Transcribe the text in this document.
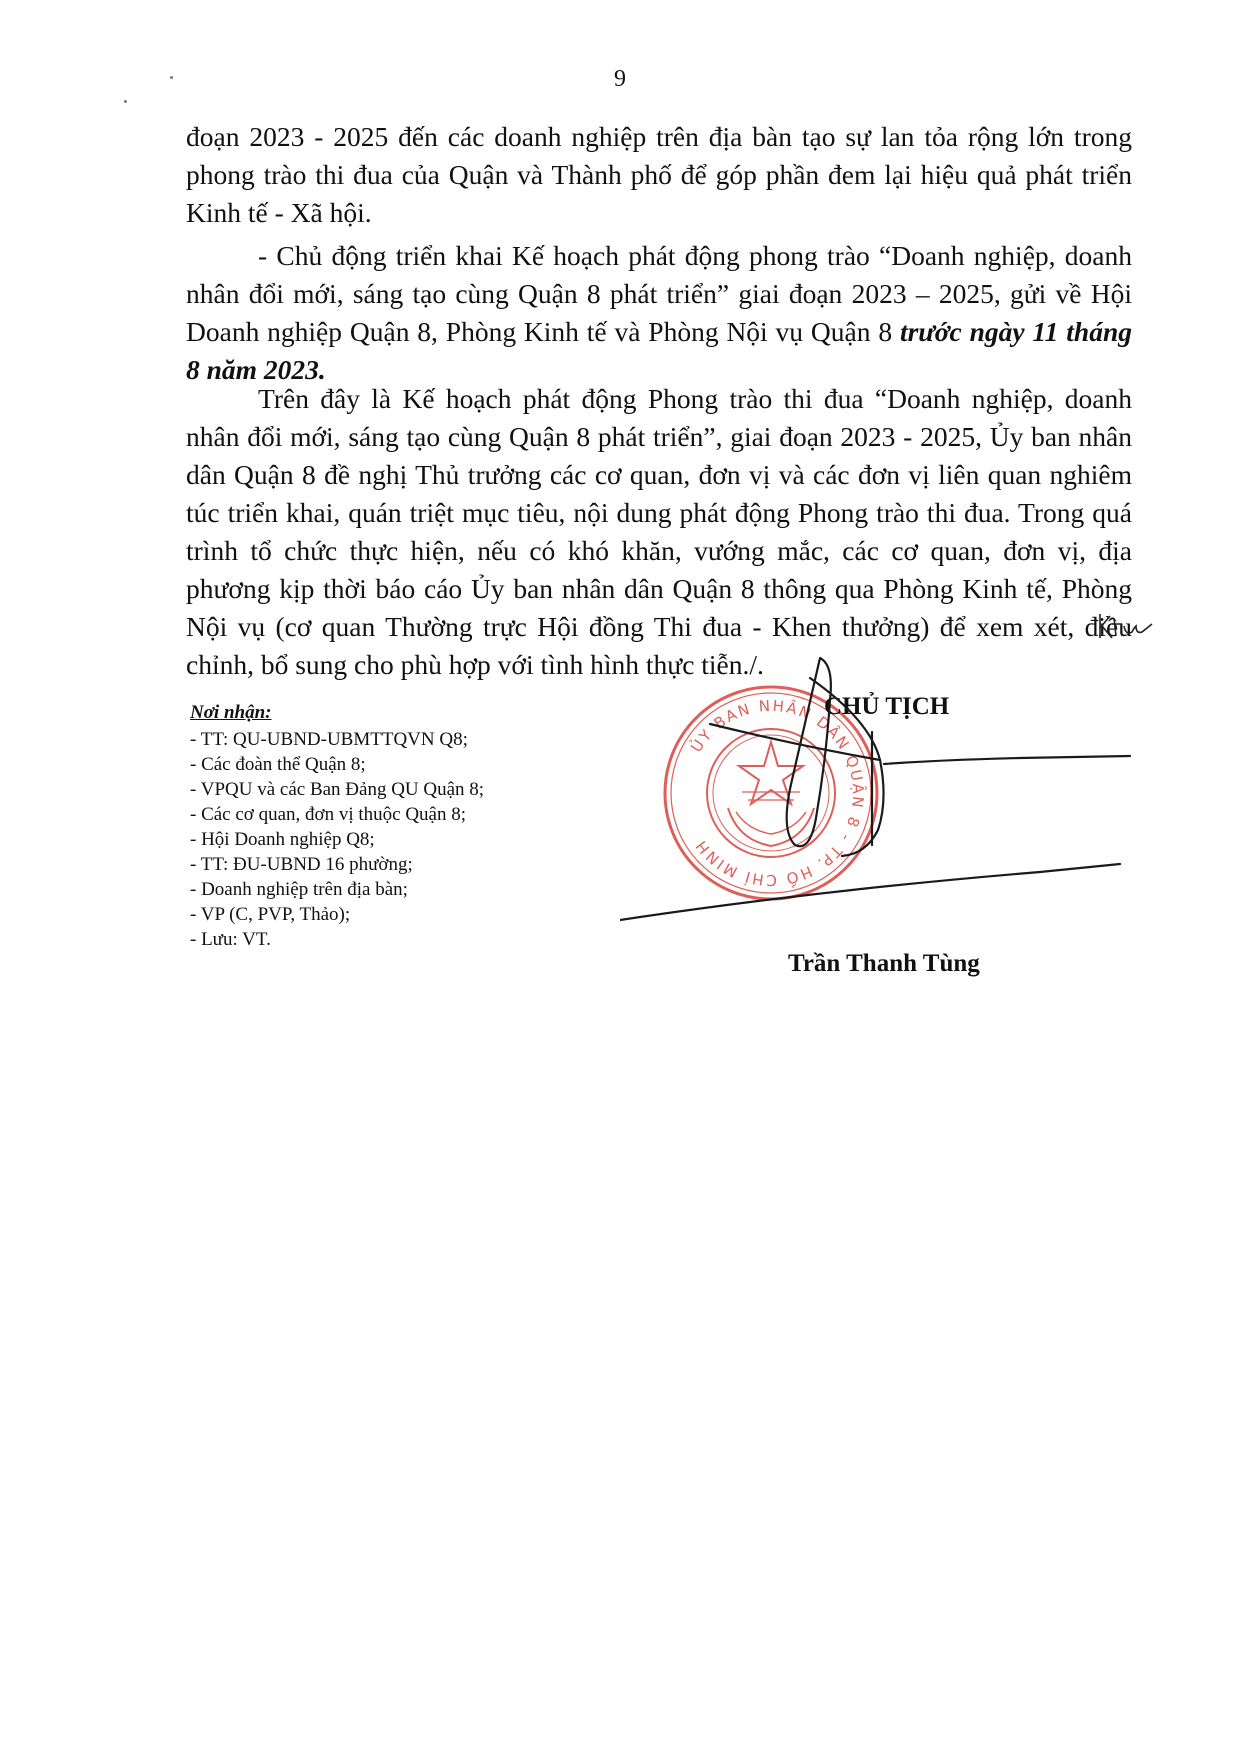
9

đoạn 2023 - 2025 đến các doanh nghiệp trên địa bàn tạo sự lan tỏa rộng lớn trong phong trào thi đua của Quận và Thành phố để góp phần đem lại hiệu quả phát triển Kinh tế - Xã hội.

- Chủ động triển khai Kế hoạch phát động phong trào “Doanh nghiệp, doanh nhân đổi mới, sáng tạo cùng Quận 8 phát triển” giai đoạn 2023 – 2025, gửi về Hội Doanh nghiệp Quận 8, Phòng Kinh tế và Phòng Nội vụ Quận 8 trước ngày 11 tháng 8 năm 2023.

Trên đây là Kế hoạch phát động Phong trào thi đua “Doanh nghiệp, doanh nhân đổi mới, sáng tạo cùng Quận 8 phát triển”, giai đoạn 2023 - 2025, Ủy ban nhân dân Quận 8 đề nghị Thủ trưởng các cơ quan, đơn vị và các đơn vị liên quan nghiêm túc triển khai, quán triệt mục tiêu, nội dung phát động Phong trào thi đua. Trong quá trình tổ chức thực hiện, nếu có khó khăn, vướng mắc, các cơ quan, đơn vị, địa phương kịp thời báo cáo Ủy ban nhân dân Quận 8 thông qua Phòng Kinh tế, Phòng Nội vụ (cơ quan Thường trực Hội đồng Thi đua - Khen thưởng) để xem xét, điều chỉnh, bổ sung cho phù hợp với tình hình thực tiễn./.

Nơi nhận:
- TT: QU-UBND-UBMTTQVN Q8;
- Các đoàn thể Quận 8;
- VPQU và các Ban Đảng QU Quận 8;
- Các cơ quan, đơn vị thuộc Quận 8;
- Hội Doanh nghiệp Q8;
- TT: ĐU-UBND 16 phường;
- Doanh nghiệp trên địa bàn;
- VP (C, PVP, Thảo);
- Lưu: VT.
ỦY BAN NHÂN DÂN QUẬN 8 - TP. HỒ CHÍ MINH
CHỦ TỊCH
Trần Thanh Tùng
